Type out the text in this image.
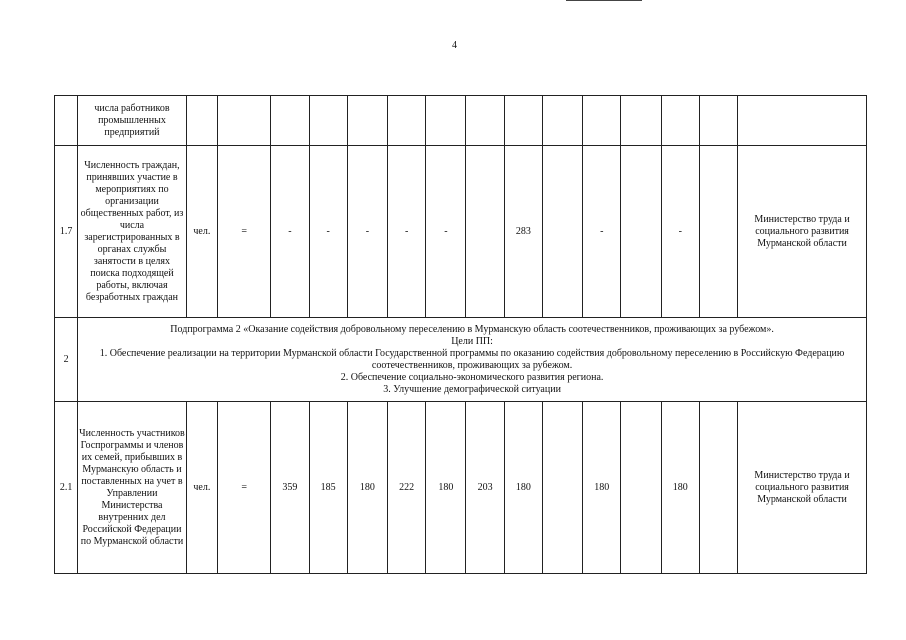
4
	числа работников промышленных предприятий															
1.7	Численность граждан, принявших участие в мероприятиях по организации общественных работ, из числа зарегистрированных в органах службы занятости в целях поиска подходящей работы, включая безработных граждан	чел.	=	-	-	-	-	-		283		-		-		Министерство труда и социального развития Мурманской области
2	Подпрограмма 2 «Оказание содействия добровольному переселению в Мурманскую область соотечественников, проживающих за рубежом».
Цели ПП:
1. Обеспечение реализации на территории Мурманской области Государственной программы по оказанию содействия добровольному переселению в Российскую Федерацию соотечественников, проживающих за рубежом.
2. Обеспечение социально-экономического развития региона.
3. Улучшение демографической ситуации															

2.1	Численность участников Госпрограммы и членов их семей, прибывших в Мурманскую область и поставленных на учет в Управлении Министерства внутренних дел Российской Федерации по Мурманской области	чел.	=	359	185	180	222	180	203	180		180		180		Министерство труда и социального развития Мурманской области
